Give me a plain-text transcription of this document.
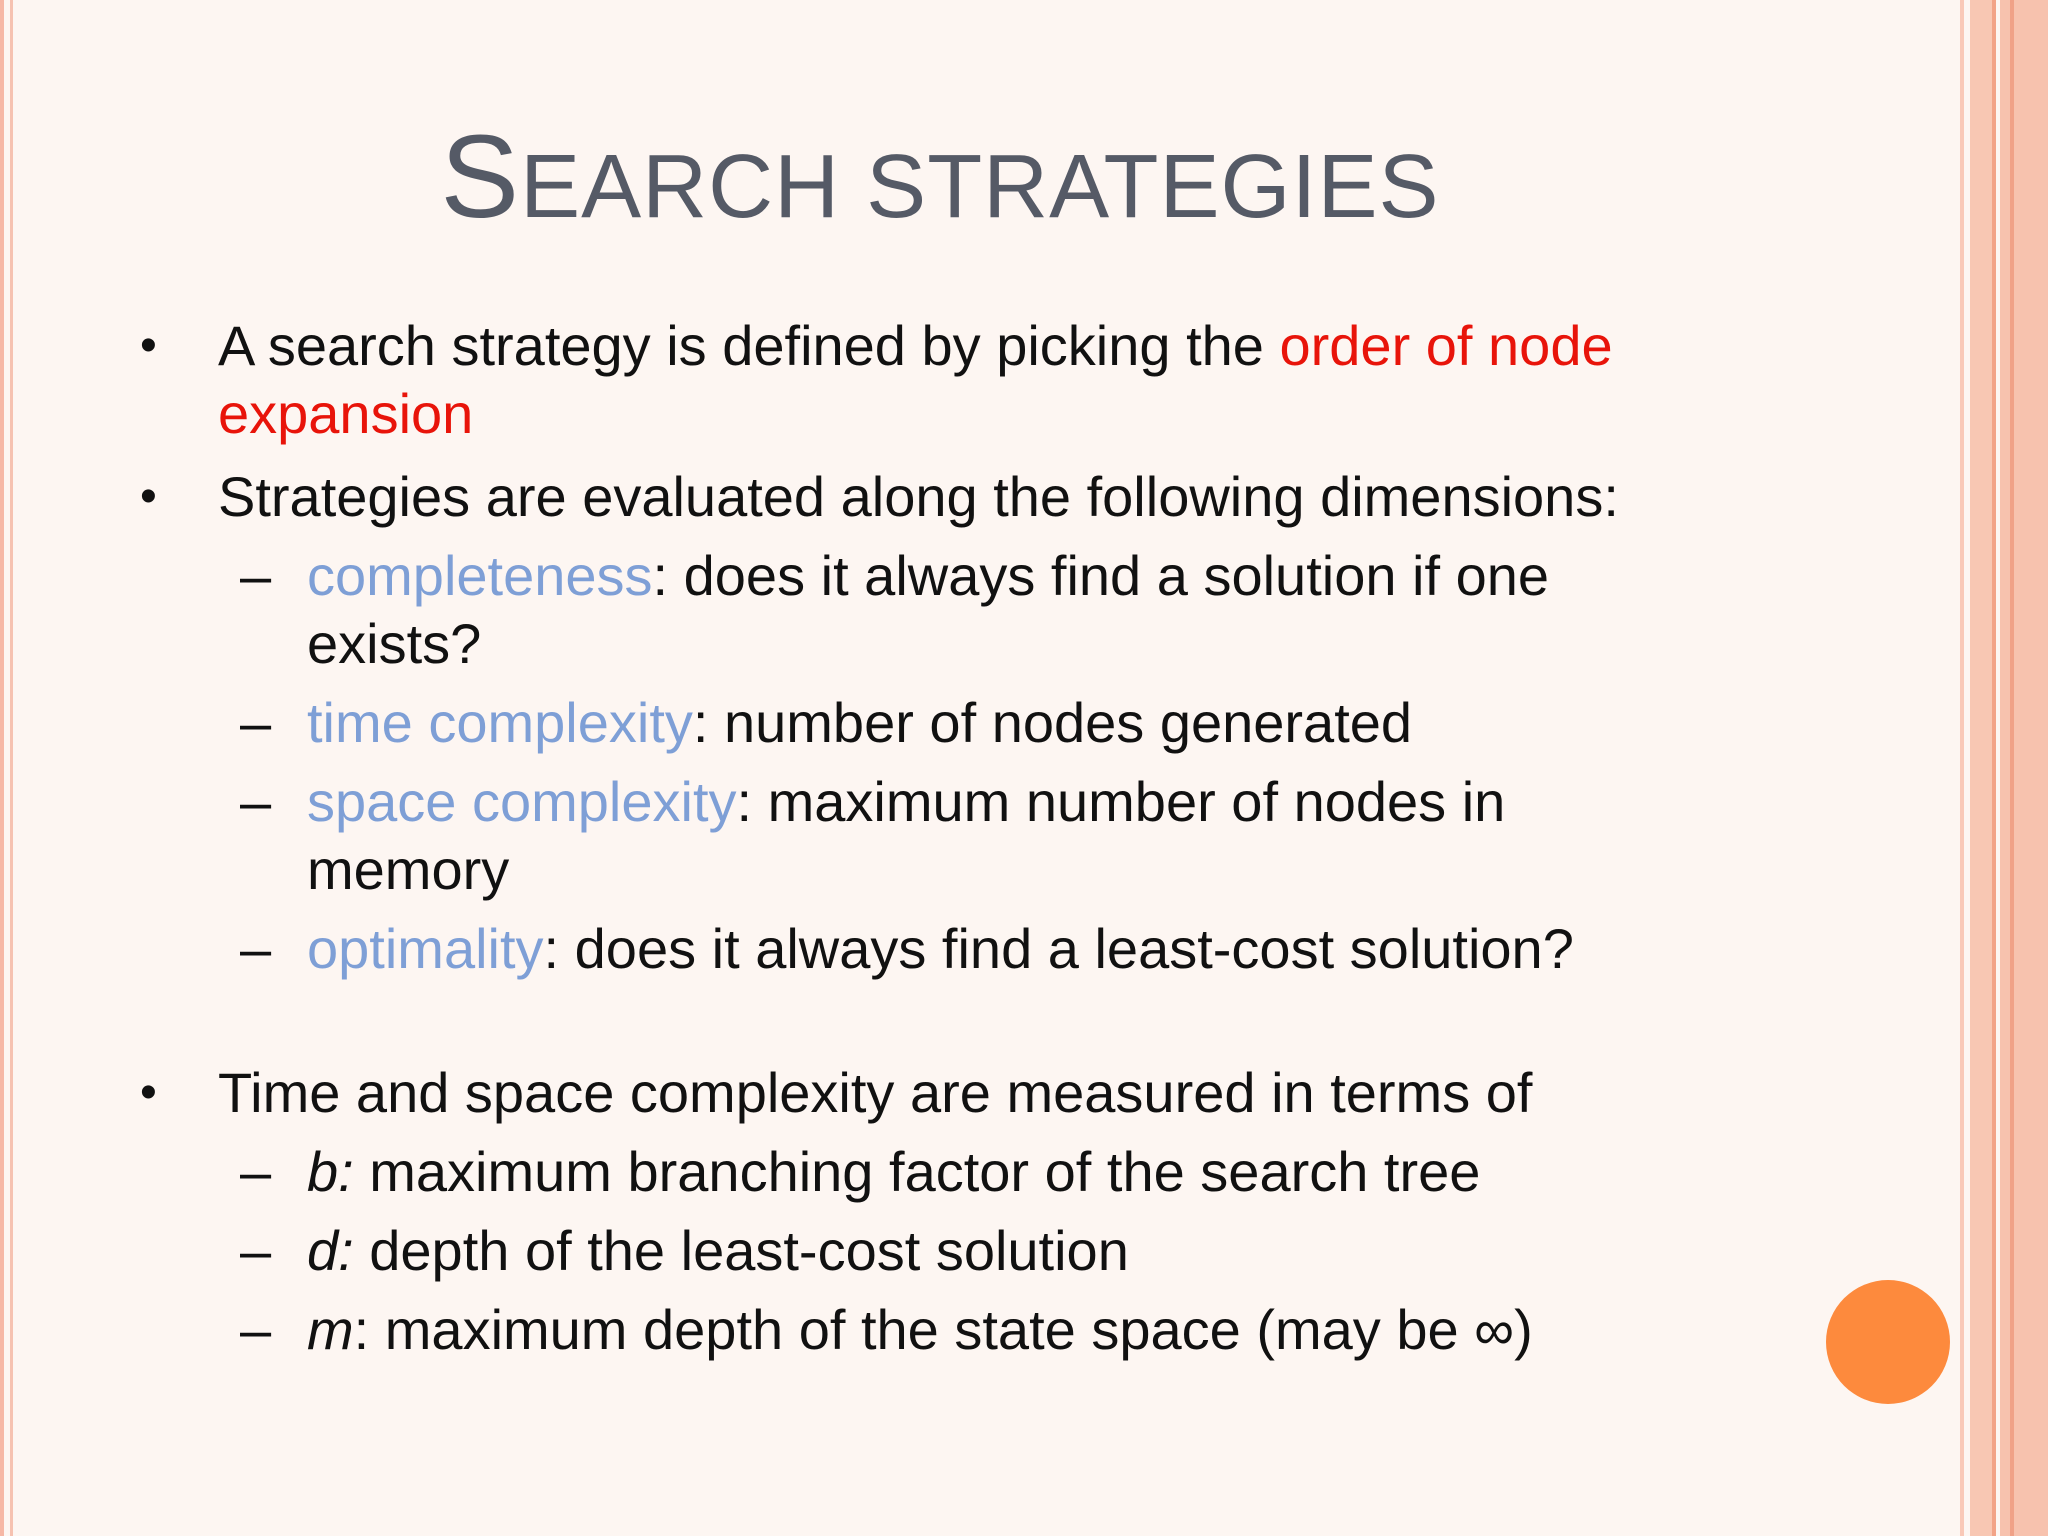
SEARCH STRATEGIES
• A search strategy is defined by picking the order of node expansion
• Strategies are evaluated along the following dimensions:
– completeness: does it always find a solution if one exists?
– time complexity: number of nodes generated
– space complexity: maximum number of nodes in memory
– optimality: does it always find a least-cost solution?
• Time and space complexity are measured in terms of
– b: maximum branching factor of the search tree
– d: depth of the least-cost solution
– m: maximum depth of the state space (may be ∞)
